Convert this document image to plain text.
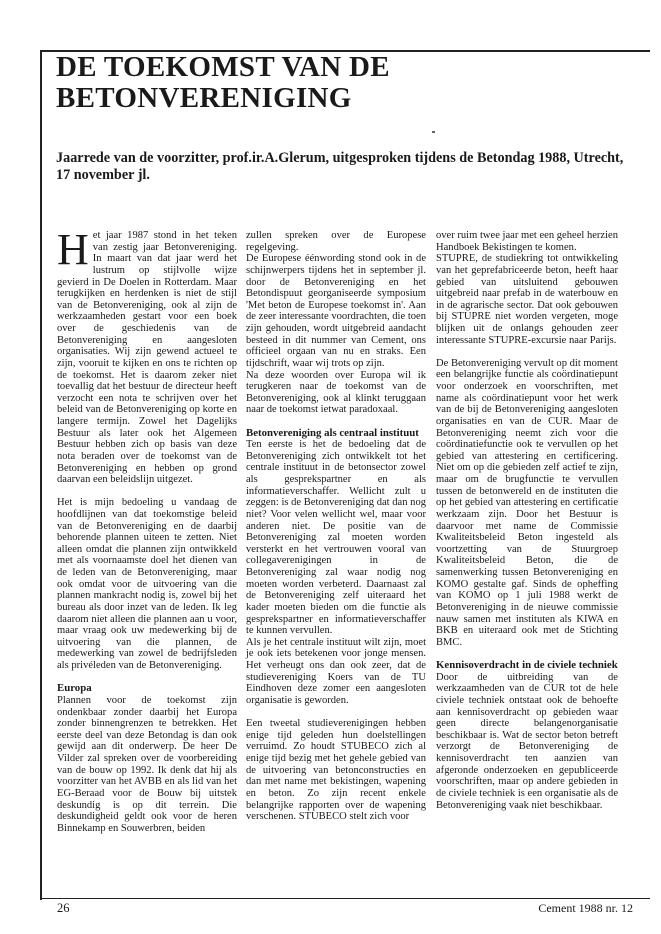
DE TOEKOMST VAN DE
BETONVERENIGING

Jaarrede van de voorzitter, prof.ir.A.Glerum, uitgesproken tijdens de Betondag 1988, Utrecht, 17 november jl.

Het jaar 1987 stond in het teken van zestig jaar Betonvereniging. In maart van dat jaar werd het lustrum op stijlvolle wijze gevierd in De Doelen in Rotterdam. Maar terugkijken en herdenken is niet de stijl van de Betonvereniging, ook al zijn de werkzaamheden gestart voor een boek over de geschiedenis van de Betonvereniging en aangesloten organisaties. Wij zijn gewend actueel te zijn, vooruit te kijken en ons te richten op de toekomst. Het is daarom zeker niet toevallig dat het bestuur de directeur heeft verzocht een nota te schrijven over het beleid van de Betonvereniging op korte en langere termijn. Zowel het Dagelijks Bestuur als later ook het Algemeen Bestuur hebben zich op basis van deze nota beraden over de toekomst van de Betonvereniging en hebben op grond daarvan een beleidslijn uitgezet.

Het is mijn bedoeling u vandaag de hoofdlijnen van dat toekomstige beleid van de Betonvereniging en de daarbij behorende plannen uiteen te zetten. Niet alleen omdat die plannen zijn ontwikkeld met als voornaamste doel het dienen van de leden van de Betonvereniging, maar ook omdat voor de uitvoering van die plannen mankracht nodig is, zowel bij het bureau als door inzet van de leden. Ik leg daarom niet alleen die plannen aan u voor, maar vraag ook uw medewerking bij de uitvoering van die plannen, de medewerking van zowel de bedrijfsleden als privéleden van de Betonvereniging.

Europa

Plannen voor de toekomst zijn ondenkbaar zonder daarbij het Europa zonder binnengrenzen te betrekken. Het eerste deel van deze Betondag is dan ook gewijd aan dit onderwerp. De heer De Vilder zal spreken over de voorbereiding van de bouw op 1992. Ik denk dat hij als voorzitter van het AVBB en als lid van het EG-Beraad voor de Bouw bij uitstek deskundig is op dit terrein. Die deskundigheid geldt ook voor de heren Binnekamp en Souwerbren, beiden

zullen spreken over de Europese regelgeving.

De Europese éénwording stond ook in de schijnwerpers tijdens het in september jl. door de Betonvereniging en het Betondispuut georganiseerde symposium 'Met beton de Europese toekomst in'. Aan de zeer interessante voordrachten, die toen zijn gehouden, wordt uitgebreid aandacht besteed in dit nummer van Cement, ons officieel orgaan van nu en straks. Een tijdschrift, waar wij trots op zijn.

Na deze woorden over Europa wil ik terugkeren naar de toekomst van de Betonvereniging, ook al klinkt teruggaan naar de toekomst ietwat paradoxaal.

Betonvereniging als centraal instituut

Ten eerste is het de bedoeling dat de Betonvereniging zich ontwikkelt tot het centrale instituut in de betonsector zowel als gesprekspartner en als informatieverschaffer. Wellicht zult u zeggen: is de Betonvereniging dat dan nog niet? Voor velen wellicht wel, maar voor anderen niet. De positie van de Betonvereniging zal moeten worden versterkt en het vertrouwen vooral van collegaverenigingen in de Betonvereniging zal waar nodig nog moeten worden verbeterd. Daarnaast zal de Betonvereniging zelf uiteraard het kader moeten bieden om die functie als gesprekspartner en informatieverschaffer te kunnen vervullen.

Als je het centrale instituut wilt zijn, moet je ook iets betekenen voor jonge mensen. Het verheugt ons dan ook zeer, dat de studievereniging Koers van de TU Eindhoven deze zomer een aangesloten organisatie is geworden.

Een tweetal studieverenigingen hebben enige tijd geleden hun doelstellingen verruimd. Zo houdt STUBECO zich al enige tijd bezig met het gehele gebied van de uitvoering van betonconstructies en dan met name met bekistingen, wapening en beton. Zo zijn recent enkele belangrijke rapporten over de wapening verschenen. STUBECO stelt zich voor

over ruim twee jaar met een geheel herzien Handboek Bekistingen te komen.

STUPRE, de studiekring tot ontwikkeling van het geprefabriceerde beton, heeft haar gebied van uitsluitend gebouwen uitgebreid naar prefab in de waterbouw en in de agrarische sector. Dat ook gebouwen bij STUPRE niet worden vergeten, moge blijken uit de onlangs gehouden zeer interessante STUPRE-excursie naar Parijs.

De Betonvereniging vervult op dit moment een belangrijke functie als coördinatiepunt voor onderzoek en voorschriften, met name als coördinatiepunt voor het werk van de bij de Betonvereniging aangesloten organisaties en van de CUR. Maar de Betonvereniging neemt zich voor die coördinatiefunctie ook te vervullen op het gebied van attestering en certificering. Niet om op die gebieden zelf actief te zijn, maar om de brugfunctie te vervullen tussen de betonwereld en de instituten die op het gebied van attestering en certificatie werkzaam zijn. Door het Bestuur is daarvoor met name de Commissie Kwaliteitsbeleid Beton ingesteld als voortzetting van de Stuurgroep Kwaliteitsbeleid Beton, die de samenwerking tussen Betonvereniging en KOMO gestalte gaf. Sinds de opheffing van KOMO op 1 juli 1988 werkt de Betonvereniging in de nieuwe commissie nauw samen met instituten als KIWA en BKB en uiteraard ook met de Stichting BMC.

Kennisoverdracht in de civiele techniek

Door de uitbreiding van de werkzaamheden van de CUR tot de hele civiele techniek ontstaat ook de behoefte aan kennisoverdracht op gebieden waar geen directe belangenorganisatie beschikbaar is. Wat de sector beton betreft verzorgt de Betonvereniging de kennisoverdracht ten aanzien van afgeronde onderzoeken en gepubliceerde voorschriften, maar op andere gebieden in de civiele techniek is een organisatie als de Betonvereniging vaak niet beschikbaar.

26	Cement 1988 nr. 12
